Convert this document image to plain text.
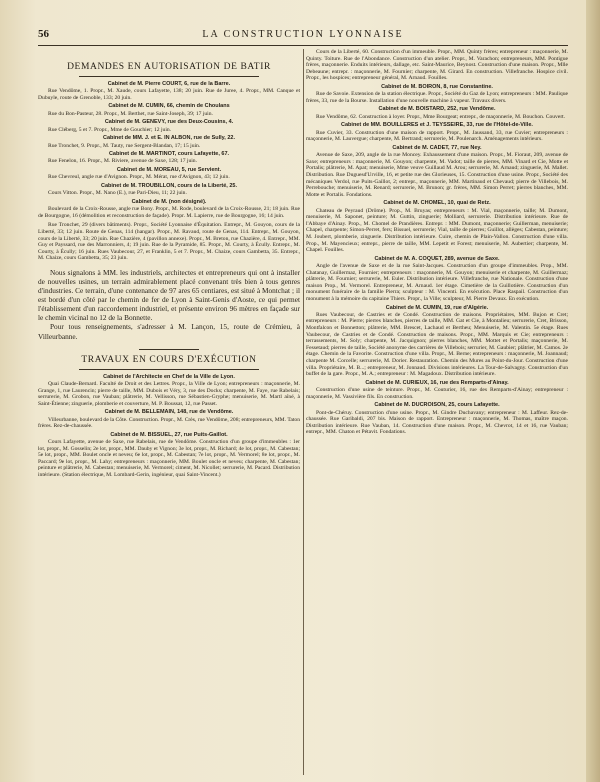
56	LA CONSTRUCTION LYONNAISE
DEMANDES EN AUTORISATION DE BATIR
Cabinet de M. Pierre COURT, 6, rue de la Barre.

Rue Vendôme, 1. Propr., M. Xaude, cours Lafayette, 138; 20 juin. Rue de Juree, 4. Propr., MM. Canque et Dubuyle, route de Grenoble, 133; 20 juin.

Cabinet de M. CUMIN, 66, chemin de Choulans

Rue du Bon-Pasteur, 28. Propr., M. Berthet, rue Saint-Joseph, 39; 17 juin.

Cabinet de M. GENEVY, rue des Deux-Cousins, 4.

Rue Cléberg, 5 et 7. Propr., Mme de Gouchier; 12 juin.

Cabinet de MM. J. et E. IN ALBON, rue de Sully, 22.

Rue Tronchet, 9. Propr., M. Tauty, rue Sergent-Blandan, 17; 15 juin.

Cabinet de M. MARTINOT, cours Lafayette, 67.

Rue Fenelon, 16. Propr., M. Riviere, avenue de Saxe, 128; 17 juin.

Cabinet de M. MOREAU, 5, rue Servient.

Rue Chevreul, angle rue d'Avignon. Propr., M. Mérat, rue d'Avignon, 43; 12 juin.

Cabinet de M. TROUBILLON, cours de la Liberté, 25.

Cours Vitton. Propr., M. Nano (E.), rue Pari-Dieu, 11; 22 juin.

Cabinet de M. (non désigné).

Boulevard de la Croix-Rousse, angle rue Bony. Propr., M. Rode, boulevard de la Croix-Rousse, 21; 18 juin. Rue de Bourgogne, 16 (démolition et reconstruction de façade). Propr. M. Lapierre, rue de Bourgogne, 16; 14 juin.

Rue Tronchet, 29 (divers bâtiments). Propr., Société Lyonnaise d'Équitation. Entrepr., M. Gouyon, cours de la Liberté, 33; 12 juin. Route de Genas, 114 (hangar). Propr., M. Ravaud, route de Genas, 114. Entrepr., M. Gouyon, cours de la Liberté, 33; 20 juin. Rue Chazière, 4 (pavillon annexe). Propr., M. Breton, rue Chazière, 4. Entrepr., MM. Guy et Payssard, rue des Marronniers, 4; 19 juin. Rue de la Pyramide, 85. Propr., M. Courty, à Écully. Entrepr., M. Courty, à Écully; 16 juin. Rues Vaubecour, 27, et Franklin, 5 et 7. Propr., M. Chaize, cours Gambetta, 35. Entrepr., M. Chaize, cours Gambetta, 35; 23 juin.

Nous signalons à MM. les industriels, architectes et entrepreneurs qui ont à installer de nouvelles usines, un terrain admirablement placé convenant très bien à tous genres d'industries. Ce terrain, d'une contenance de 97 ares 65 centiares, est situé à Montchat ; il est bordé d'un côté par le chemin de fer de Lyon à Saint-Genis d'Aoste, ce qui permet l'établissement d'un raccordement industriel, et présente environ 96 mètres en façade sur le chemin vicinal no 12 de la Bonnette.

Pour tous renseignements, s'adresser à M. Lançon, 15, route de Crémieu, à Villeurbanne.

TRAVAUX EN COURS D'EXÉCUTION
Cabinet de l'Architecte en Chef de la Ville de Lyon.

Quai Claude-Bernard. Faculté de Droit et des Lettres. Propr., la Ville de Lyon; entrepreneurs : maçonnerie, M. Grange, 1, rue Laurencin; pierre de taille, MM. Dubois et Véry, 3, rue des Docks; charpente, M. Faye, rue Rabelais; serrurerie, M. Grobon, rue Vauban; plâtrerie, M. Vellisson, rue Sébastien-Gryphe; menuiserie, M. Martl aîné, à Saint-Étienne; zinguerie, plomberie et couverture, M. P. Boussat, 12, rue Passet.

Cabinet de M. BELLEMAIN, 148, rue de Vendôme.

Villeurbanne, boulevard de la Côte. Construction. Propr., M. Crès, rue Vendôme, 208; entrepreneurs, MM. Taton frères. Rez-de-chaussée.

Cabinet de M. BISSUEL, 27, rue Puits-Gaillot.

Cours Lafayette, avenue de Saxe, rue Rabelais, rue de Vendôme. Construction d'un groupe d'immeubles : 1er lot, propr., M. Gosselin; 2e lot, propr., MM. Dauby et Vignon; 3e lot, propr., M. Richard; 4e lot, propr., M. Cabestan; 5e lot, propr., MM. Boulet oncle et neveu; 6e lot, propr., M. Cabestan; 7e lot, propr., M. Vermorel; 8e lot, propr., M. Paccard; 9e lot, propr., M. Lahy; entrepreneurs : maçonnerie, MM. Boulet oncle et neveu; charpente, M. Cabestan; peinture et plâtrerie, M. Cabestan; menuiserie, M. Vermorel; ciment, M. Nicollet; serrurerie, M. Pacard. Distribution intérieure. (Station électrique, M. Lombard-Gerin, ingénieur, quai Saint-Vincent.)

Cours de la Liberté, 60. Construction d'un immeuble. Propr., MM. Quinty frères; entrepreneur : maçonnerie, M. Quinty. Toiture. Rue de l'Abondance. Construction d'un atelier. Propr., M. Varachon; entrepreneurs, MM. Pontigue frères, maçonnerie. Enduits intérieurs, dallage, etc. Saint-Maurice, Beynost. Construction d'une maison. Propr., Mlle Debeaune; entrepr. : maçonnerie, M. Fournier; charpente, M. Girard. En construction. Villefranche. Hospice civil. Propr., les hospices; entrepreneur général, M. Arnaud. Fouilles.

Cabinet de M. BOIRON, 8, rue Constantine.

Rue de Savoie. Extension de la station électrique. Propr., Société du Gaz de Lyon; entrepreneurs : MM. Paulique frères, 33, rue de la Bourse. Installation d'une nouvelle machine à vapeur. Travaux divers.

Cabinet de M. BOISTARD, 252, rue Vendôme.

Rue Vendôme, 62. Construction à loyer. Propr., Mme Bourgeat; entrepr., de maçonnerie, M. Bouchon. Couvert.

Cabinet de MM. BOUILLERES et J. TEYSSEIRE, 33, rue de l'Hôtel-de-Ville.

Rue Cuvier, 33. Construction d'une maison de rapport. Propr., M. Jaussand, 33, rue Cuvier; entrepreneurs : maçonnerie, M. Lauvergue; charpente, M. Bertrand; serrurerie, M. Poulenarch. Aménagements intérieurs.

Cabinet de M. CADET, 77, rue Ney.

Avenue de Saxe, 209, angle de la rue Moncey. Exhaussement d'une maison. Propr., M. Fioraut, 209, avenue de Saxe; entrepreneurs : maçonnerie, M. Gouyon; charpente, M. Vadot; taille de pierres, MM. Vinard et Cie, Motte et Portalis; plâtrerie, M. Apat; menuiserie, Mme veuve Guillaud M. Arou; serrurerie, M. Arnaud; zinguerie, M. Mallet. Distribution. Rue Duguesd'Urville, 16, et petite rue des Glorieuses, 15. Construction d'une usine. Propr., Société des mécaniques Verdol, rue Puits-Gaillot, 2; entrepr., maçonnerie, MM. Martinaud et Chevaud; pierre de Villebois, M. Perrebouche; menuiserie, M. Renard; serrurerie, M. Brunon; gr. frères, MM. Simon Perret; pierres blanches, MM. Motte et Portalis. Fondations.

Cabinet de M. CHOMEL, 10, quai de Retz.

Chateau de Peyraud (Drôme). Prop., M. Bruyas; entrepreneurs : M. Vial, maçonnerie, taille; M. Dumont, menuiserie, M. Saponet, peinture; M. Guttin, zinguerie; Molliard, serrurerie. Distribution intérieure. Rue de l'Abbaye d'Ainay. Prop., M. Chomel de Prandières. Entrepr. : MM. Dumont, maçonnerie; Guillerman, menuiserie; Chapel, charpente; Simon-Perret, fers; Bissuel, serrurerie; Vial, taille de pierres; Guillot, allèges; Cabestan, peinture; M. Joubert, plomberie, zinguerie. Distribution intérieure. Cuire, chemin de Plain-Vallon. Construction d'une villa. Prop., M. Mayencieux; entrepr., pierre de taille, MM. Lepetit et Forest; menuiserie, M. Aubertier; charpente, M. Chapel. Fouilles.

Cabinet de M. A. COQUET, 289, avenue de Saxe.

Angle de l'avenue de Saxe et de la rue Saint-Jacques. Construction d'un groupe d'immeubles. Prop., MM. Chatanay, Guillermaz, Fournier; entrepreneurs : maçonnerie, M. Gouyon; menuiserie et charpente, M. Guillermaz; plâtrerie, M. Fournier; serrurerie, M. Euler. Distribution intérieure. Villefranche, rue Nationale. Construction d'une maison Prop., M. Vermorel. Entrepreneur, M. Arnaud. 1er étage. Cimetière de la Guillotière. Construction d'un monument funéraire de la famille Pierra; sculpteur : M. Vincenti. En exécution. Place Raspail. Construction d'un monument à la mémoire du capitaine Thiers. Propr., la Ville; sculpteur, M. Pierre Devaux. En exécution.

Cabinet de M. CUMIN, 19, rue d'Algérie.

Rues Vaubecour, de Castries et de Condé. Construction de maisons. Propriétaires, MM. Bujon et Cret; entrepreneurs : M. Pierre; pierres blanches, pierres de taille, MM. Gat et Cie, à Montalieu; serrurerie, Cret, Brisson, Montfalcon et Bonnetton; plâtrerie, MM. Brescet, Lachaud et Bertheu; Menuiserie, M. Valentin. 5e étage. Rues Vaubecour, de Castries et de Condé. Construction de maisons. Propr., MM. Marquis et Cie; entrepreneurs : terrassements, M. Soly; charpente, M. Jacquignon; pierres blanches, MM. Mottet et Portalis; maçonnerie, M. Fessetaud; pierres de taille, Société anonyme des carrières de Villebois; serrurier, M. Gaubier; plâtrier, M. Camos. 2e étage. Chemin de la Favorite. Construction d'une villa. Propr., M. Berne; entrepreneurs : maçonnerie, M. Joannaud; charpente M. Corcelle; serrurerie, M. Dorier. Restauration. Chemin des Mures au Point-du-Jour. Construction d'une villa. Propriétaire, M. B...; entrepreneur, M. Jonnaud. Divisions intérieures. La Tour-de-Salvagny. Construction d'un buffet de la gare. Propr., M. A.; entrepreneur : M. Magadoux. Distribution intérieure.

Cabinet de M. CURIEUX, 16, rue des Remparts-d'Ainay.

Construction d'une usine de teinture. Propr., M. Couturier, 16, rue des Remparts-d'Ainay; entrepreneur : maçonnerie, M. Vassivière fils. En construction.

Cabinet de M. DUCROISON, 25, cours Lafayette.

Pont-de-Chéruy. Construction d'une usine. Propr., M. Gindre Duchavany; entrepreneur : M. Laffeur. Rez-de-chaussée. Rue Garibaldi, 207 bis. Maison de rapport. Entrepreneur : maçonnerie, M. Thomas, maître maçon. Distribution intérieure. Rue Vauban, 14. Construction d'une maison. Propr., M. Chevrot, 14 et 16, rue Vauban; entrepr., MM. Chaton et Pétavit. Fondations.
